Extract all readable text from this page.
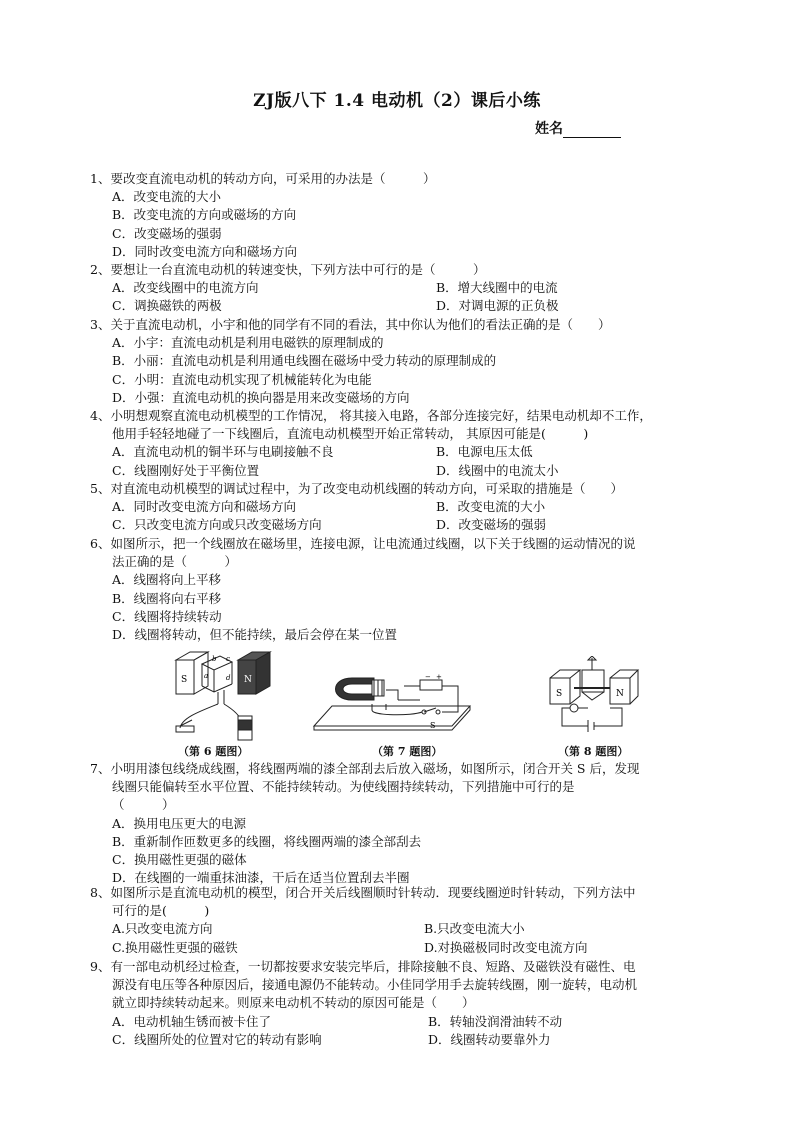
ZJ版八下 1.4 电动机（2）课后小练
姓名
1、要改变直流电动机的转动方向，可采用的办法是（　　　）
A．改变电流的大小
B．改变电流的方向或磁场的方向
C．改变磁场的强弱
D．同时改变电流方向和磁场方向
2、要想让一台直流电动机的转速变快，下列方法中可行的是（　　　）
A．改变线圈中的电流方向	B．增大线圈中的电流
C．调换磁铁的两极	D．对调电源的正负极
3、关于直流电动机，小宇和他的同学有不同的看法，其中你认为他们的看法正确的是（　　）
A．小宇：直流电动机是利用电磁铁的原理制成的
B．小丽：直流电动机是利用通电线圈在磁场中受力转动的原理制成的
C．小明：直流电动机实现了机械能转化为电能
D．小强：直流电动机的换向器是用来改变磁场的方向
4、小明想观察直流电动机模型的工作情况， 将其接入电路，各部分连接完好，结果电动机却不工作，
他用手轻轻地碰了一下线圈后，直流电动机模型开始正常转动， 其原因可能是(　　　)
A．直流电动机的铜半环与电刷接触不良	B．电源电压太低
C．线圈刚好处于平衡位置	D．线圈中的电流太小
5、对直流电动机模型的调试过程中，为了改变电动机线圈的转动方向，可采取的措施是（　　）
A．同时改变电流方向和磁场方向	B．改变电流的大小
C．只改变电流方向或只改变磁场方向	D．改变磁场的强弱
6、如图所示，把一个线圈放在磁场里，连接电源，让电流通过线圈，以下关于线圈的运动情况的说
法正确的是（　　　）
A．线圈将向上平移
B．线圈将向右平移
C．线圈将持续转动
D．线圈将转动，但不能持续，最后会停在某一位置
S	N
a
b c
d
（第 6 题图）
− +
S
（第 7 题图）
S	N
（第 8 题图）
7、小明用漆包线绕成线圈，将线圈两端的漆全部刮去后放入磁场，如图所示，闭合开关 S 后，发现
线圈只能偏转至水平位置、不能持续转动。为使线圈持续转动，下列措施中可行的是
（　　　）
A．换用电压更大的电源
B．重新制作匝数更多的线圈，将线圈两端的漆全部刮去
C．换用磁性更强的磁体
D．在线圈的一端重抹油漆，干后在适当位置刮去半圈
8、如图所示是直流电动机的模型，闭合开关后线圈顺时针转动．现要线圈逆时针转动，下列方法中
可行的是(　　　)
A.只改变电流方向	B.只改变电流大小
C.换用磁性更强的磁铁	D.对换磁极同时改变电流方向
9、有一部电动机经过检查，一切都按要求安装完毕后，排除接触不良、短路、及磁铁没有磁性、电
源没有电压等各种原因后，接通电源仍不能转动。小佳同学用手去旋转线圈，刚一旋转，电动机
就立即持续转动起来。则原来电动机不转动的原因可能是（　　）
A．电动机轴生锈而被卡住了	B．转轴没润滑油转不动
C．线圈所处的位置对它的转动有影响	D．线圈转动要靠外力
